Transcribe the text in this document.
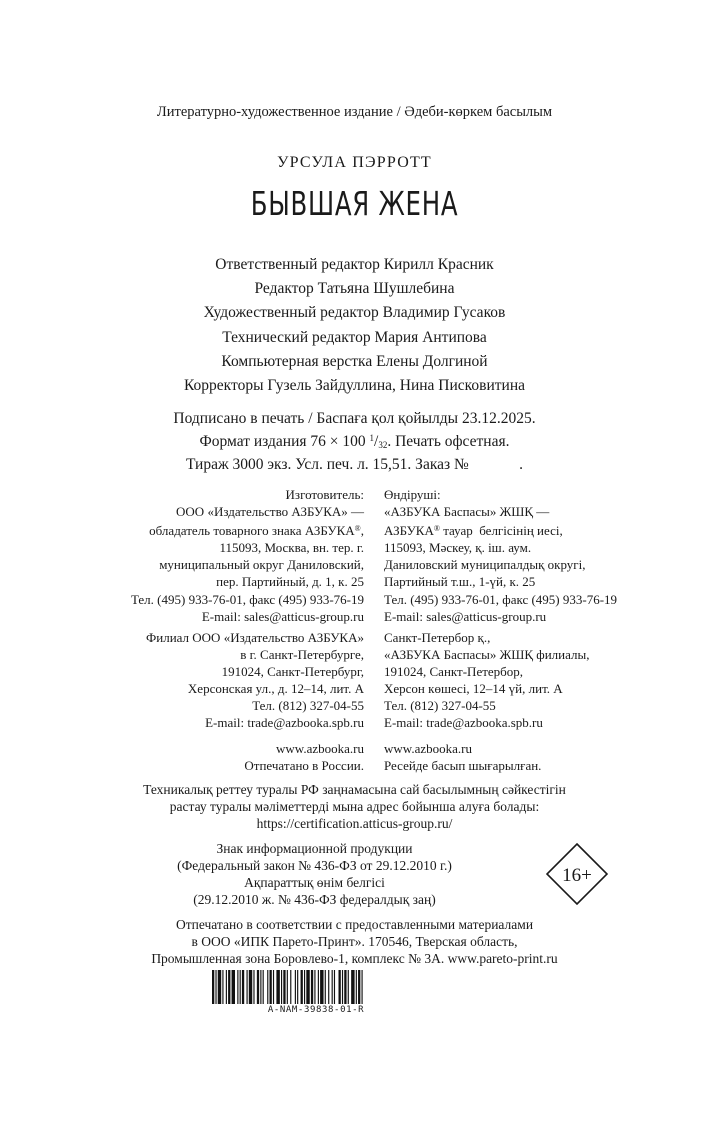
Литературно-художественное издание / Әдеби-көркем басылым
УРСУЛА ПЭРРОТТ
БЫВШАЯ ЖЕНА
Ответственный редактор Кирилл Красник
Редактор Татьяна Шушлебина
Художественный редактор Владимир Гусаков
Технический редактор Мария Антипова
Компьютерная верстка Елены Долгиной
Корректоры Гузель Зайдуллина, Нина Писковитина
Подписано в печать / Баспаға қол қойылды 23.12.2025.
Формат издания 76 × 100 $^1/_{32}$. Печать офсетная.
Тираж 3000 экз. Усл. печ. л. 15,51. Заказ №             .
Изготовитель:
ООО «Издательство АЗБУКА» —
обладатель товарного знака АЗБУКА®,
115093, Москва, вн. тер. г.
муниципальный округ Даниловский,
пер. Партийный, д. 1, к. 25
Тел. (495) 933-76-01, факс (495) 933-76-19
E-mail: sales@atticus-group.ru
Филиал ООО «Издательство АЗБУКА»
в г. Санкт-Петербурге,
191024, Санкт-Петербург,
Херсонская ул., д. 12–14, лит. А
Тел. (812) 327-04-55
E-mail: trade@azbooka.spb.ru
www.azbooka.ru
Отпечатано в России.
Өндіруші:
«АЗБУКА Баспасы» ЖШҚ —
АЗБУКА® тауар  белгісінің иесі,
115093, Мәскеу, қ. іш. аум.
Даниловский муниципалдық округі,
Партийный т.ш., 1-үй, к. 25
Тел. (495) 933-76-01, факс (495) 933-76-19
E-mail: sales@atticus-group.ru
Санкт-Петербор қ.,
«АЗБУКА Баспасы» ЖШҚ филиалы,
191024, Санкт-Петербор,
Херсон көшесі, 12–14 үй, лит. А
Тел. (812) 327-04-55
E-mail: trade@azbooka.spb.ru
www.azbooka.ru
Ресейде басып шығарылған.
Техникалық реттеу туралы РФ заңнамасына сай басылымның сәйкестігін
растау туралы мәліметтерді мына адрес бойынша алуға болады:
https://certification.atticus-group.ru/
Знак информационной продукции
(Федеральный закон № 436-ФЗ от 29.12.2010 г.)
Ақпараттық өнім белгісі
(29.12.2010 ж. № 436-ФЗ федералдық заң)
16+
Отпечатано в соответствии с предоставленными материалами
в ООО «ИПК Парето-Принт». 170546, Тверская область,
Промышленная зона Боровлево-1, комплекс № 3А. www.pareto-print.ru
A-NAM-39838-01-R
